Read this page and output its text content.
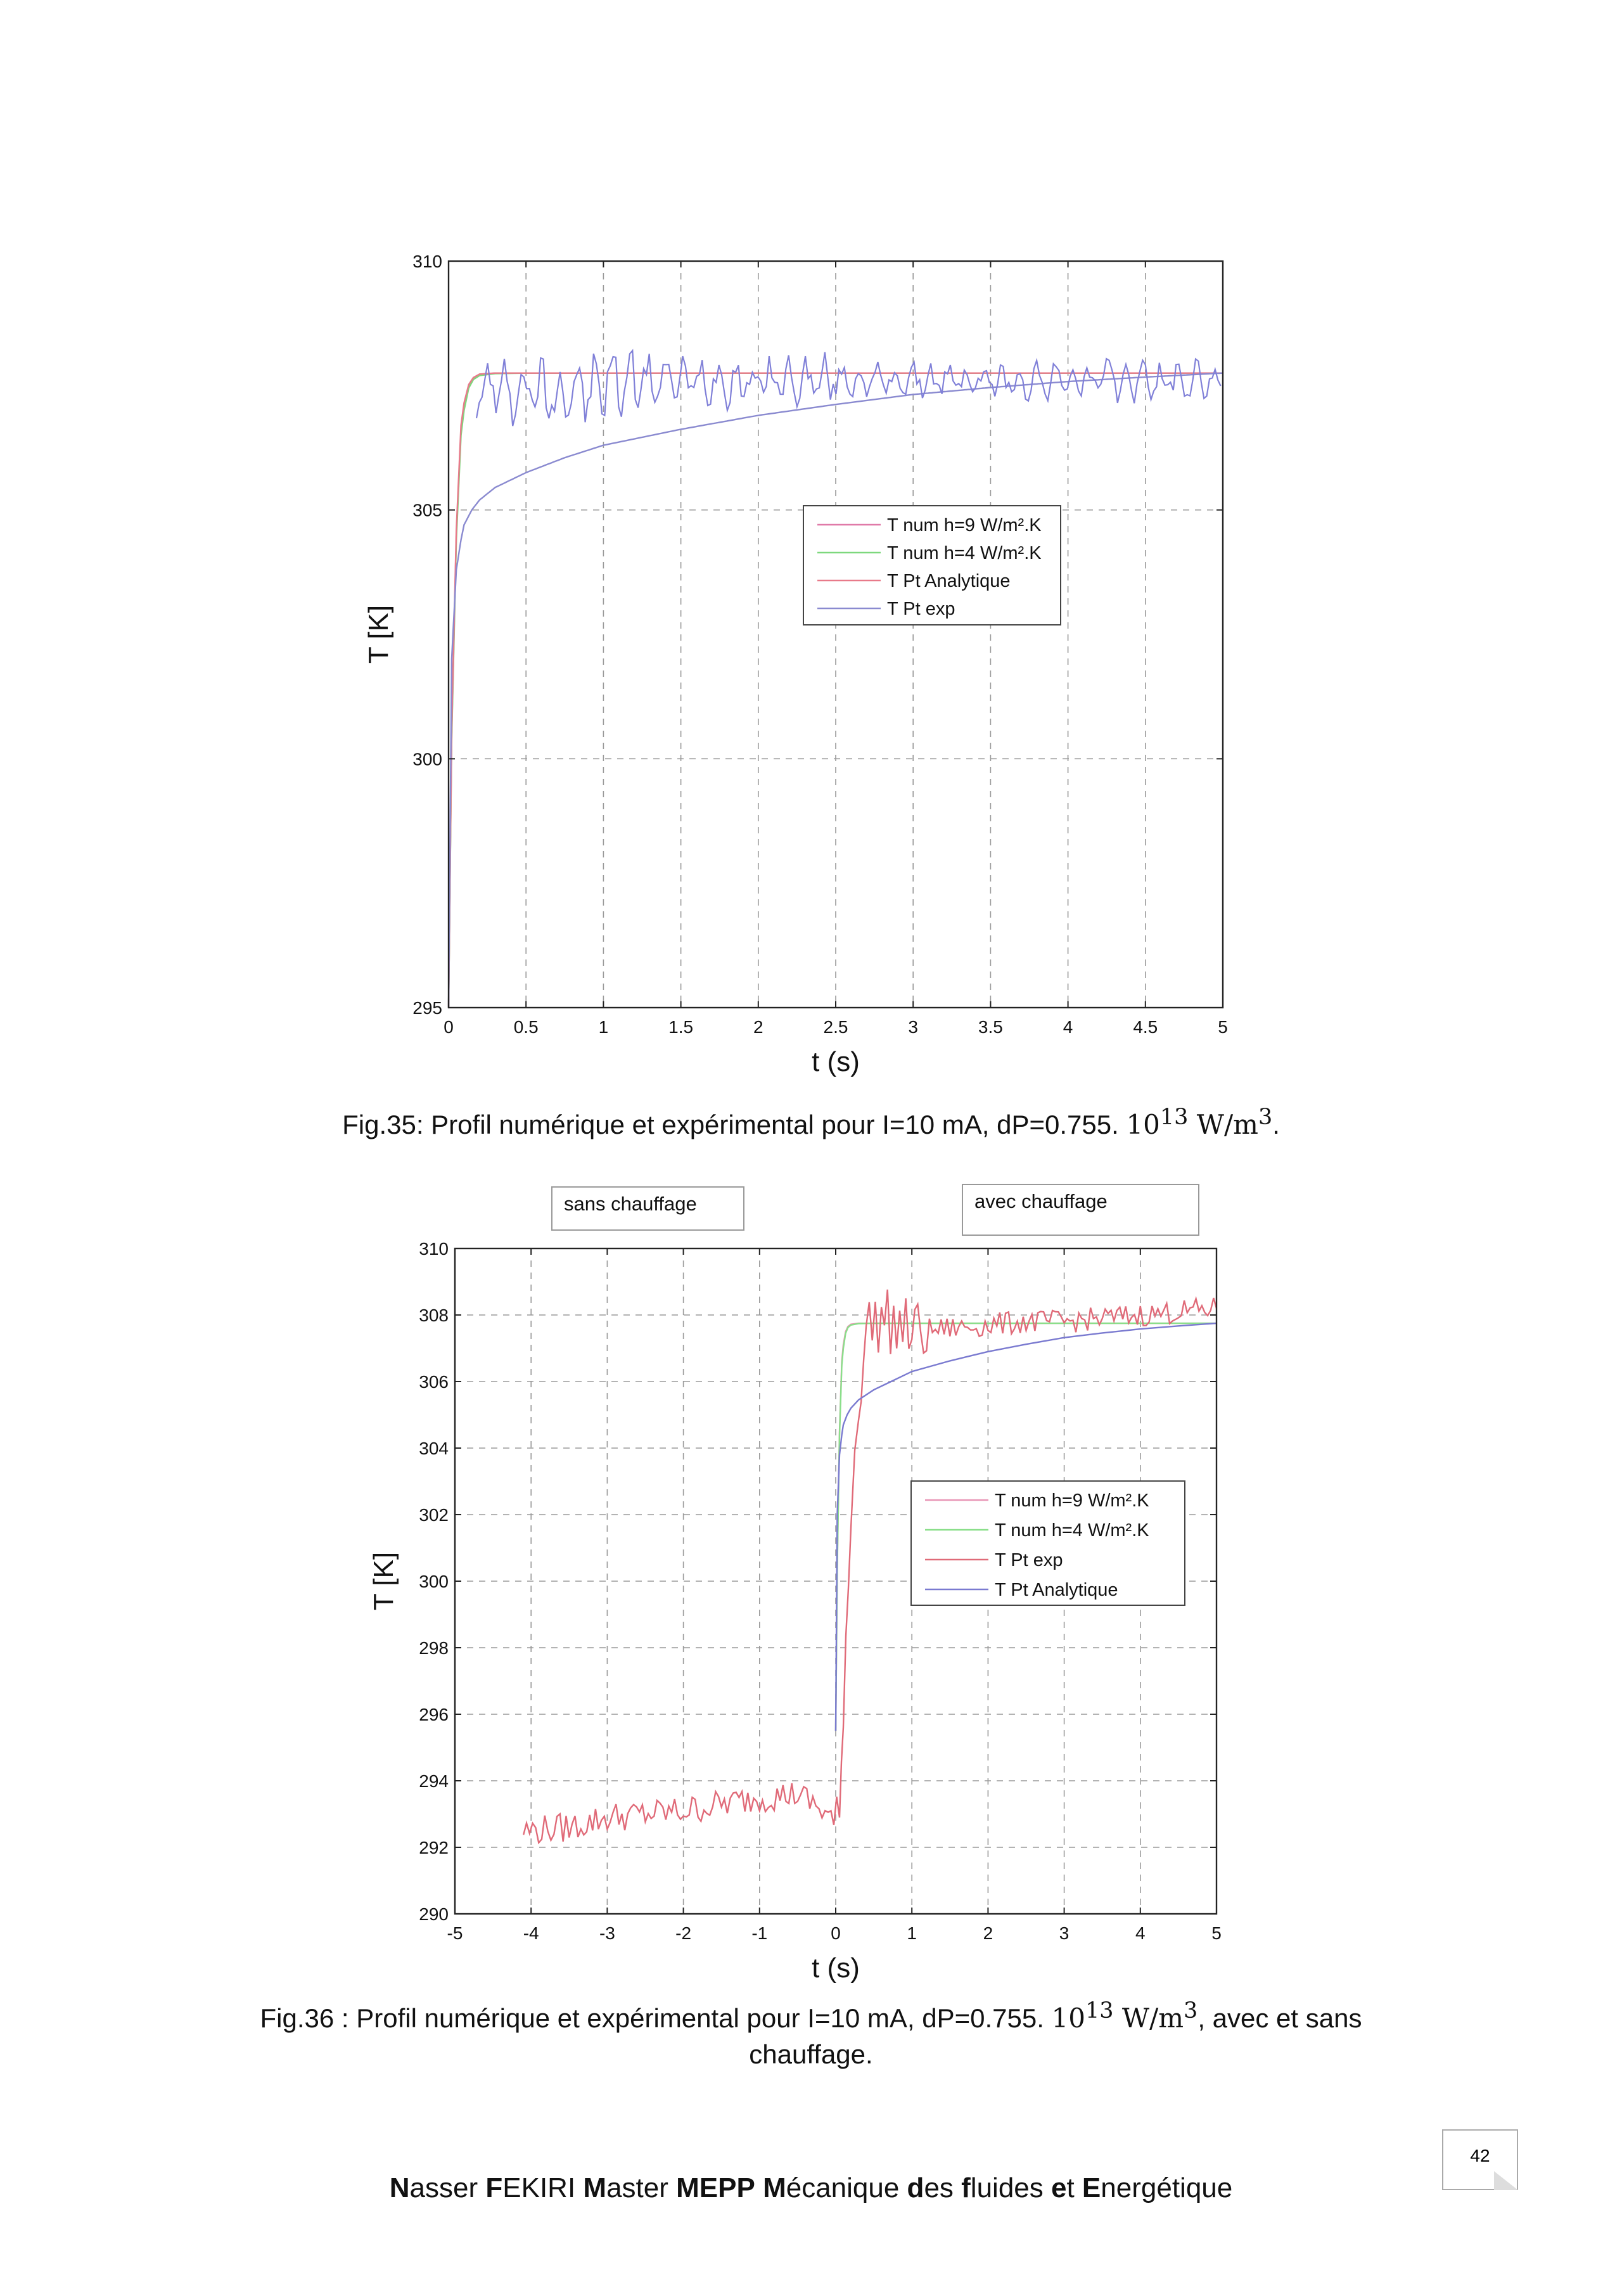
0	0.5	1	1.5	2	2.5	3	3.5	4	4.5	5
295
300
305
310
t (s)
T [K]
T num h=9 W/m².K
T num h=4 W/m².K
T Pt Analytique
T Pt exp
Fig.35: Profil numérique et expérimental pour I=10 mA, dP=0.755. $10^{13}$ $W/m^3$.
-5	-4	-3	-2	-1	0	1	2	3	4	5
290
292
294
296
298
300
302
304
306
308
310
t (s)
T [K]
T num h=9 W/m².K
T num h=4 W/m².K
T Pt exp
T Pt Analytique
sans chauffage	avec chauffage
Fig.36 : Profil numérique et expérimental pour I=10 mA, dP=0.755. $10^{13}$ $W/m^3$, avec et sans
chauffage.
42
Nasser FEKIRI Master MEPP Mécanique des fluides et Energétique
